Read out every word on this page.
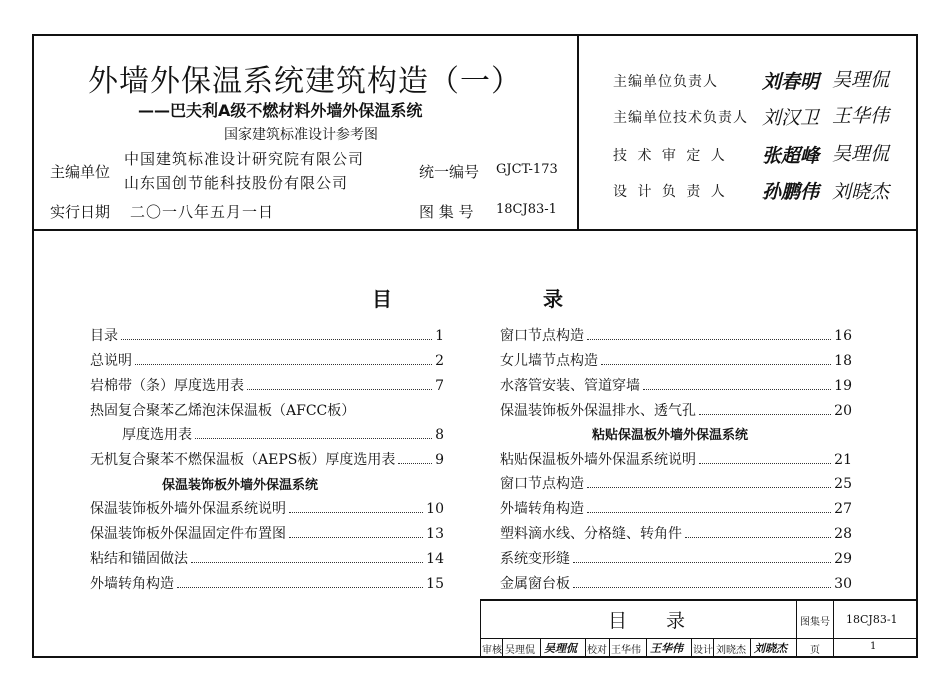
外墙外保温系统建筑构造（一）
——巴夫利A级不燃材料外墙外保温系统
国家建筑标准设计参考图
主编单位
中国建筑标准设计研究院有限公司
山东国创节能科技股份有限公司
统一编号 GJCT-173
实行日期 二〇一八年五月一日	图 集 号 18CJ83-1
主编单位负责人 刘春明 吴理侃
主编单位技术负责人 刘汉卫 王华伟
技 术 审 定 人 张超峰 吴理侃
设 计 负 责 人 孙鹏伟 刘晓杰
目	录
目录	1
总说明	2
岩棉带（条）厚度选用表	7
热固复合聚苯乙烯泡沫保温板（AFCC板）
厚度选用表	8
无机复合聚苯不燃保温板（AEPS板）厚度选用表	9
保温装饰板外墙外保温系统
保温装饰板外墙外保温系统说明	10
保温装饰板外保温固定件布置图	13
粘结和锚固做法	14
外墙转角构造	15
窗口节点构造	16
女儿墙节点构造	18
水落管安装、管道穿墙	19
保温装饰板外保温排水、透气孔	20
粘贴保温板外墙外保温系统
粘贴保温板外墙外保温系统说明	21
窗口节点构造	25
外墙转角构造	27
塑料滴水线、分格缝、转角件	28
系统变形缝	29
金属窗台板	30
目 录	图集号 18CJ83-1
页	1
审核 吴理侃 吴理侃 校对 王华伟 王华伟 设计 刘晓杰 刘晓杰
